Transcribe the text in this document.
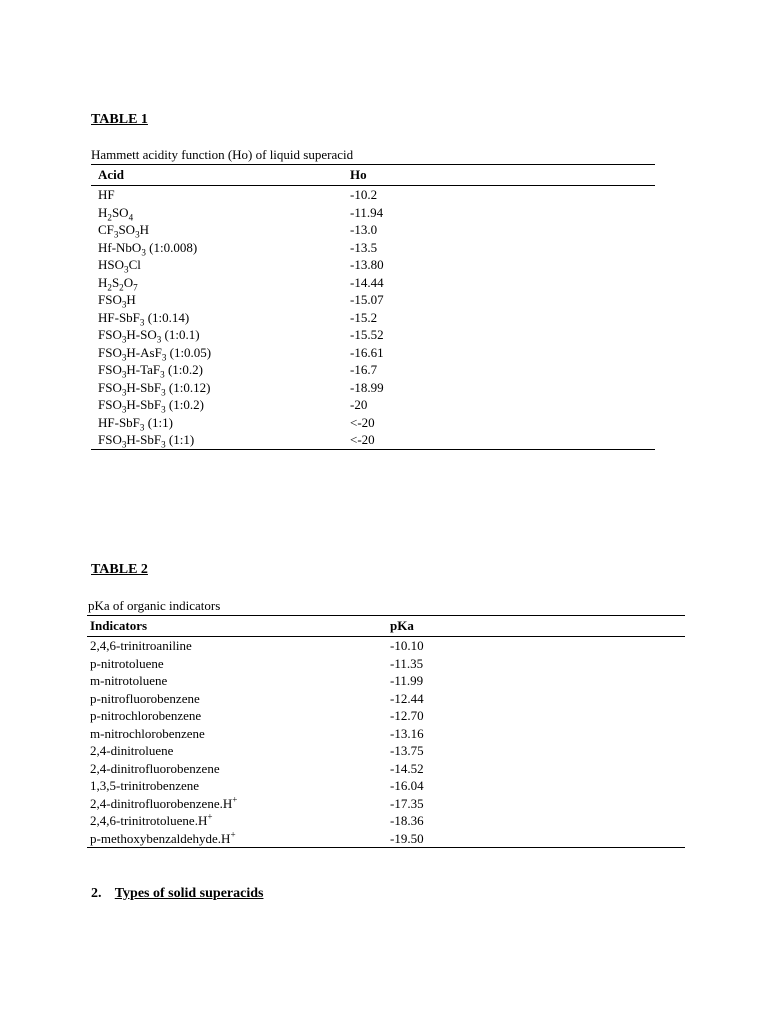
TABLE 1

Hammett acidity function (Ho) of liquid superacid

Acid	Ho
HF	-10.2
$H_2SO_4$	-11.94
$CF_3SO_3H$	-13.0
Hf-NbO$_3$ (1:0.008)	-13.5
$HSO_3Cl$	-13.80
$H_2S_2O_7$	-14.44
$FSO_3H$	-15.07
HF-SbF$_3$ (1:0.14)	-15.2
$FSO_3H-SO_3$ (1:0.1)	-15.52
$FSO_3H-AsF_3$ (1:0.05)	-16.61
$FSO_3H-TaF_3$ (1:0.2)	-16.7
$FSO_3H-SbF_3$ (1:0.12)	-18.99
$FSO_3H-SbF_3$ (1:0.2)	-20
HF-SbF$_3$ (1:1)	<-20
$FSO_3H-SbF_3$ (1:1)	<-20

TABLE 2

pKa of organic indicators

Indicators	pKa
2,4,6-trinitroaniline	-10.10
p-nitrotoluene	-11.35
m-nitrotoluene	-11.99
p-nitrofluorobenzene	-12.44
p-nitrochlorobenzene	-12.70
m-nitrochlorobenzene	-13.16
2,4-dinitroluene	-13.75
2,4-dinitrofluorobenzene	-14.52
1,3,5-trinitrobenzene	-16.04
2,4-dinitrofluorobenzene.H+	-17.35
2,4,6-trinitrotoluene.H+	-18.36
p-methoxybenzaldehyde.H+	-19.50
2. Types of solid superacids
